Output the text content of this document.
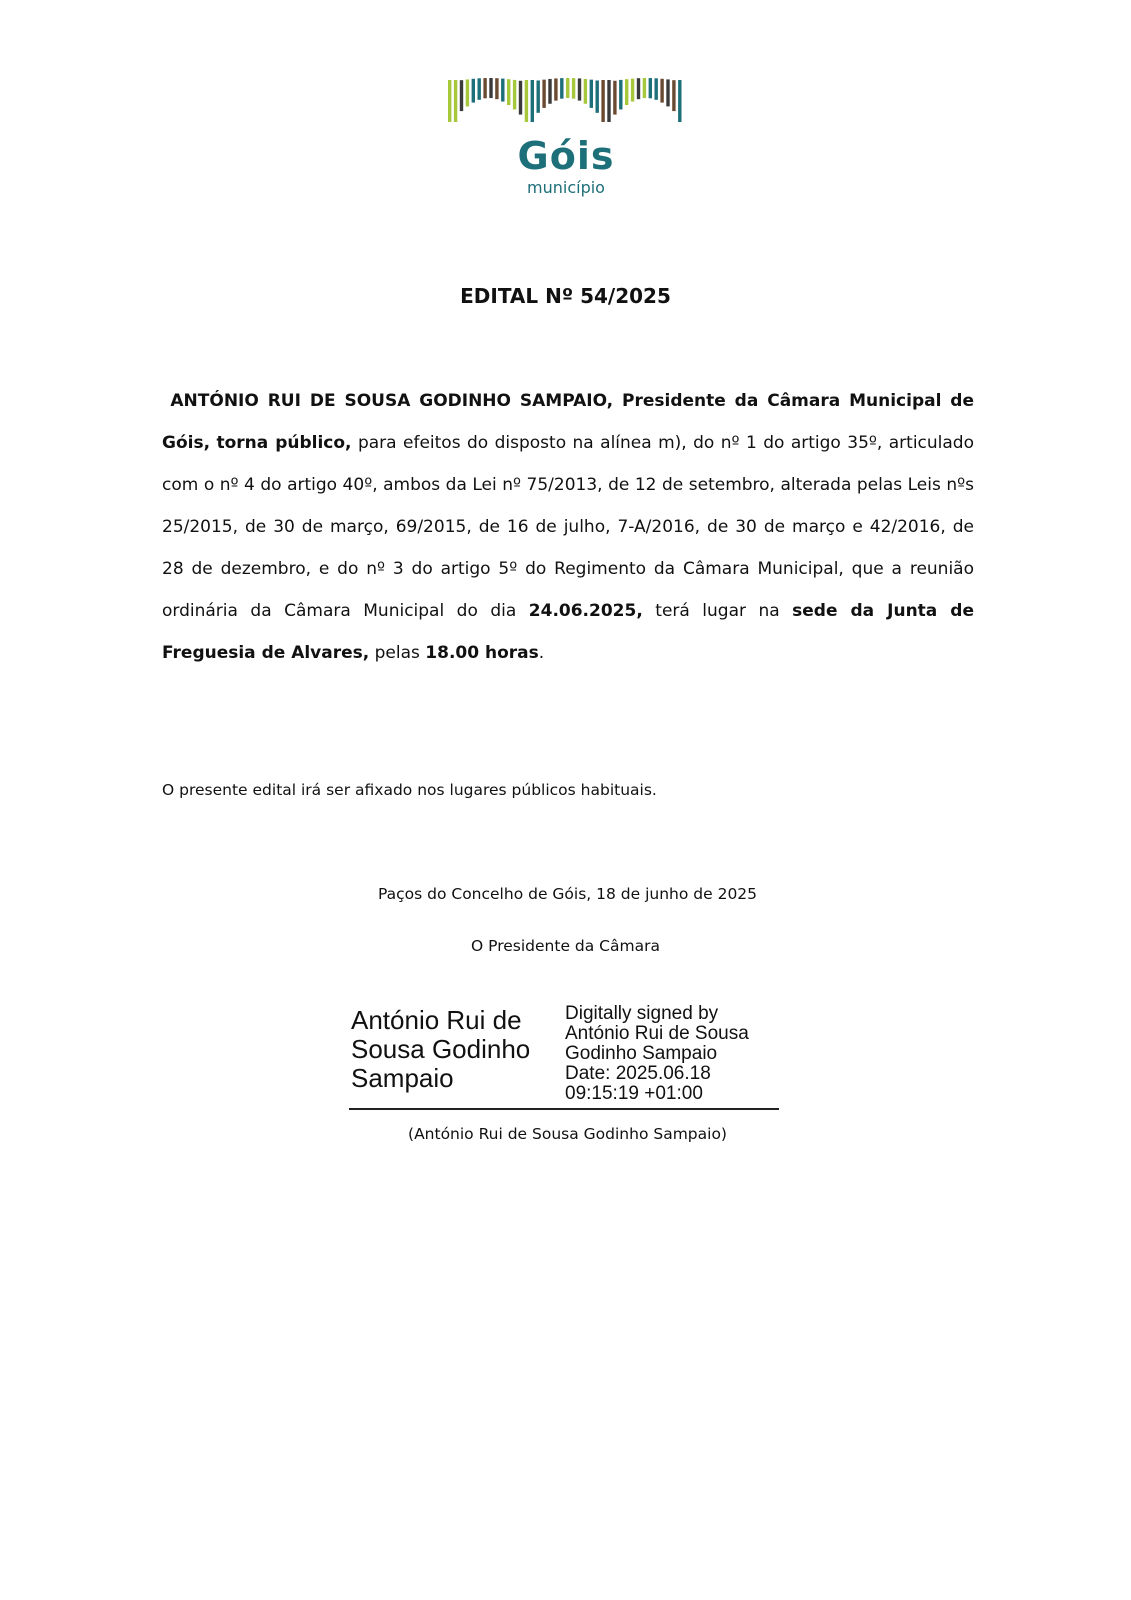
Góis
município
EDITAL Nº 54/2025
ANTÓNIO RUI DE SOUSA GODINHO SAMPAIO, Presidente da Câmara Municipal de Góis, torna público, para efeitos do disposto na alínea m), do nº 1 do artigo 35º, articulado com o nº 4 do artigo 40º, ambos da Lei nº 75/2013, de 12 de setembro, alterada pelas Leis nºs 25/2015, de 30 de março, 69/2015, de 16 de julho, 7-A/2016, de 30 de março e 42/2016, de 28 de dezembro, e do nº 3 do artigo 5º do Regimento da Câmara Municipal, que a reunião ordinária da Câmara Municipal do dia 24.06.2025, terá lugar na sede da Junta de Freguesia de Alvares, pelas 18.00 horas.
O presente edital irá ser afixado nos lugares públicos habituais.
Paços do Concelho de Góis, 18 de junho de 2025
O Presidente da Câmara
António Rui de
Sousa Godinho
Sampaio
Digitally signed by
António Rui de Sousa
Godinho Sampaio
Date: 2025.06.18
09:15:19 +01:00
(António Rui de Sousa Godinho Sampaio)
